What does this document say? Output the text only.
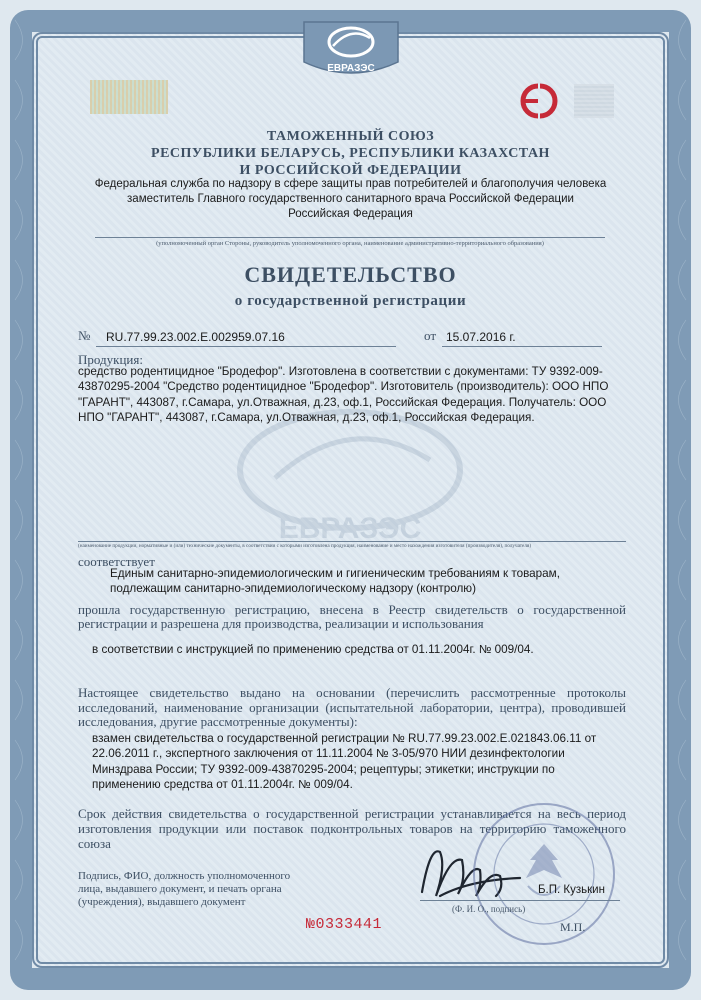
ЕВРАЗЭС
ТАМОЖЕННЫЙ СОЮЗ
РЕСПУБЛИКИ БЕЛАРУСЬ, РЕСПУБЛИКИ КАЗАХСТАН
И РОССИЙСКОЙ ФЕДЕРАЦИИ
Федеральная служба по надзору в сфере защиты прав потребителей и благополучия человека
заместитель Главного государственного санитарного врача Российской Федерации
Российская Федерация
(уполномоченный орган Стороны, руководитель уполномоченного органа, наименование административно-территориального образования)
СВИДЕТЕЛЬСТВО
о государственной регистрации
№ RU.77.99.23.002.E.002959.07.16	от 15.07.2016 г.
Продукция:
средство родентицидное "Бродефор". Изготовлена в соответствии с документами: ТУ 9392-009-43870295-2004 "Средство родентицидное "Бродефор". Изготовитель (производитель): ООО НПО "ГАРАНТ", 443087, г.Самара, ул.Отважная, д.23, оф.1, Российская Федерация. Получатель: ООО НПО "ГАРАНТ", 443087, г.Самара, ул.Отважная, д.23, оф.1, Российская Федерация.
(наименование продукции, нормативные и (или) технические документы, в соответствии с которыми изготовлена продукция, наименование и место нахождения изготовителя (производителя), получателя)
соответствует
Единым санитарно-эпидемиологическим и гигиеническим требованиям к товарам, подлежащим санитарно-эпидемиологическому надзору (контролю)
прошла государственную регистрацию, внесена в Реестр свидетельств о государственной регистрации и разрешена для производства, реализации и использования
в соответствии с инструкцией по применению средства от 01.11.2004г. № 009/04.
Настоящее свидетельство выдано на основании (перечислить рассмотренные протоколы исследований, наименование организации (испытательной лаборатории, центра), проводившей исследования, другие рассмотренные документы):
взамен свидетельства о государственной регистрации № RU.77.99.23.002.E.021843.06.11 от 22.06.2011 г., экспертного заключения от 11.11.2004 № 3-05/970 НИИ дезинфектологии Минздрава России; ТУ 9392-009-43870295-2004; рецептуры; этикетки; инструкции по применению средства от 01.11.2004г. № 009/04.
Срок действия свидетельства о государственной регистрации устанавливается на весь период изготовления продукции или поставок подконтрольных товаров на территорию таможенного союза
Подпись, ФИО, должность уполномоченного лица, выдавшего документ, и печать органа (учреждения), выдавшего документ
Б.П. Кузькин
(Ф. И. О., подпись)
М.П.
№0333441
